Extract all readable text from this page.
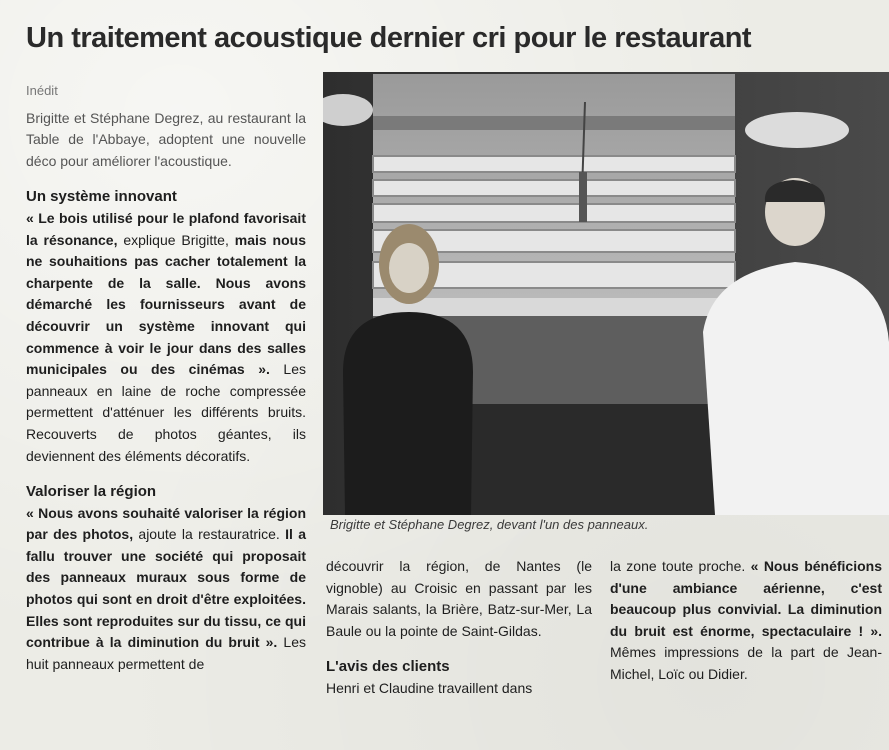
Un traitement acoustique dernier cri pour le restaurant

Inédit

Brigitte et Stéphane Degrez, au restaurant la Table de l'Abbaye, adoptent une nouvelle déco pour améliorer l'acoustique.

Un système innovant

« Le bois utilisé pour le plafond favorisait la résonance, explique Brigitte, mais nous ne souhaitions pas cacher totalement la charpente de la salle. Nous avons démarché les fournisseurs avant de découvrir un système innovant qui commence à voir le jour dans des salles municipales ou des cinémas ». Les panneaux en laine de roche compressée permettent d'atténuer les différents bruits. Recouverts de photos géantes, ils deviennent des éléments décoratifs.

Valoriser la région

« Nous avons souhaité valoriser la région par des photos, ajoute la restauratrice. Il a fallu trouver une société qui proposait des panneaux muraux sous forme de photos qui sont en droit d'être exploitées. Elles sont reproduites sur du tissu, ce qui contribue à la diminution du bruit ». Les huit panneaux permettent de

Brigitte et Stéphane Degrez, devant l'un des panneaux.

découvrir la région, de Nantes (le vignoble) au Croisic en passant par les Marais salants, la Brière, Batz-sur-Mer, La Baule ou la pointe de Saint-Gildas.

L'avis des clients

Henri et Claudine travaillent dans

la zone toute proche. « Nous bénéficions d'une ambiance aérienne, c'est beaucoup plus convivial. La diminution du bruit est énorme, spectaculaire ! ». Mêmes impressions de la part de Jean-Michel, Loïc ou Didier.
